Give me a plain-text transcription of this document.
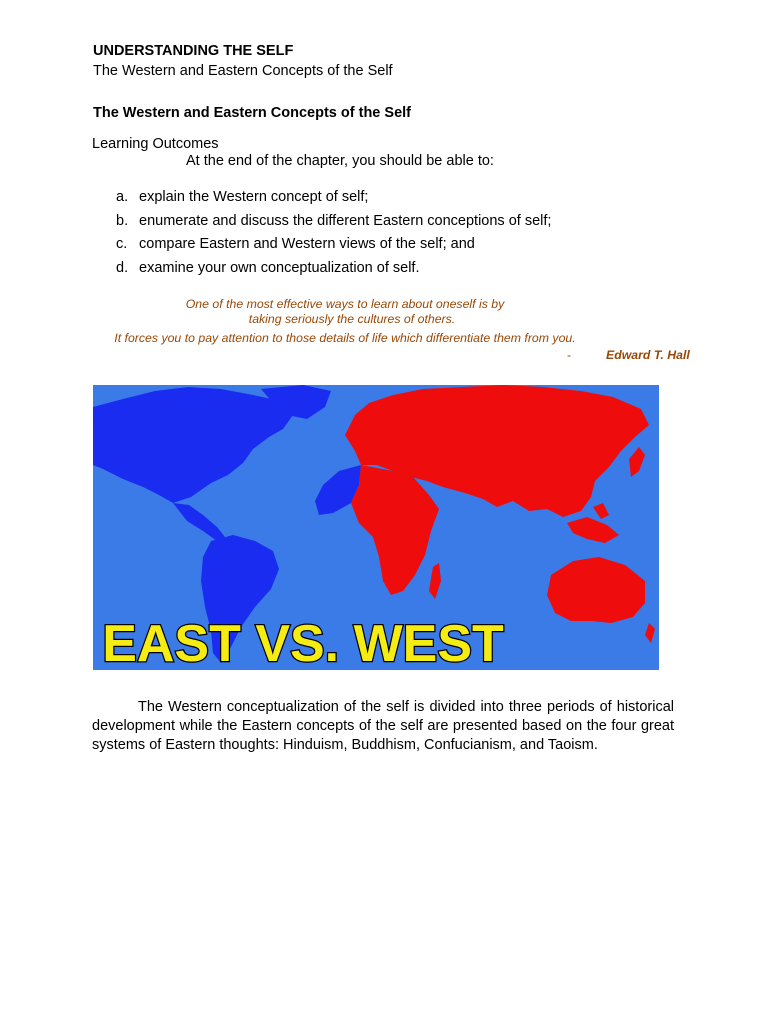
UNDERSTANDING THE SELF
The Western and Eastern Concepts of the Self
The Western and Eastern Concepts of the Self
Learning Outcomes
At the end of the chapter, you should be able to:
a. explain the Western concept of self;
b. enumerate and discuss the different Eastern conceptions of self;
c. compare Eastern and Western views of the self; and
d. examine your own conceptualization of self.
One of the most effective ways to learn about oneself is by
taking seriously the cultures of others.
It forces you to pay attention to those details of life which differentiate them from you.
-	Edward T. Hall
EAST VS. WEST

The Western conceptualization of the self is divided into three periods of historical development while the Eastern concepts of the self are presented based on the four great systems of Eastern thoughts: Hinduism, Buddhism, Confucianism, and Taoism.
